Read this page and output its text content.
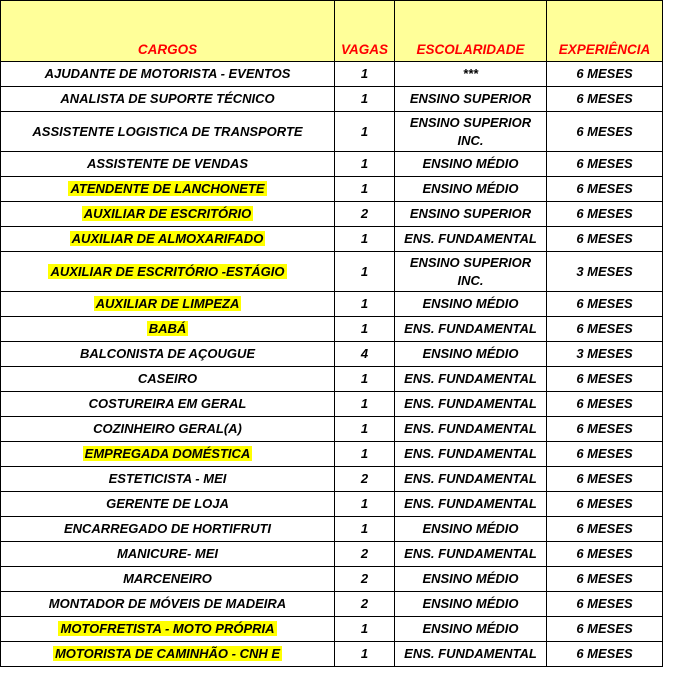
CARGOS	VAGAS	ESCOLARIDADE	EXPERIÊNCIA
AJUDANTE DE MOTORISTA - EVENTOS	1	***	6 MESES
ANALISTA DE SUPORTE TÉCNICO	1	ENSINO SUPERIOR	6 MESES
ASSISTENTE LOGISTICA DE TRANSPORTE	1	ENSINO SUPERIOR INC.	6 MESES
ASSISTENTE DE VENDAS	1	ENSINO MÉDIO	6 MESES
ATENDENTE DE LANCHONETE	1	ENSINO MÉDIO	6 MESES
AUXILIAR DE ESCRITÓRIO	2	ENSINO SUPERIOR	6 MESES
AUXILIAR DE ALMOXARIFADO	1	ENS. FUNDAMENTAL	6 MESES
AUXILIAR DE ESCRITÓRIO -ESTÁGIO	1	ENSINO SUPERIOR INC.	3 MESES
AUXILIAR DE LIMPEZA	1	ENSINO MÉDIO	6 MESES
BABÁ	1	ENS. FUNDAMENTAL	6 MESES
BALCONISTA DE AÇOUGUE	4	ENSINO MÉDIO	3 MESES
CASEIRO	1	ENS. FUNDAMENTAL	6 MESES
COSTUREIRA EM GERAL	1	ENS. FUNDAMENTAL	6 MESES
COZINHEIRO GERAL(A)	1	ENS. FUNDAMENTAL	6 MESES
EMPREGADA DOMÉSTICA	1	ENS. FUNDAMENTAL	6 MESES
ESTETICISTA - MEI	2	ENS. FUNDAMENTAL	6 MESES
GERENTE DE LOJA	1	ENS. FUNDAMENTAL	6 MESES
ENCARREGADO DE HORTIFRUTI	1	ENSINO MÉDIO	6 MESES
MANICURE- MEI	2	ENS. FUNDAMENTAL	6 MESES
MARCENEIRO	2	ENSINO MÉDIO	6 MESES
MONTADOR DE MÓVEIS DE MADEIRA	2	ENSINO MÉDIO	6 MESES
MOTOFRETISTA - MOTO PRÓPRIA	1	ENSINO MÉDIO	6 MESES
MOTORISTA DE CAMINHÃO - CNH E	1	ENS. FUNDAMENTAL	6 MESES
